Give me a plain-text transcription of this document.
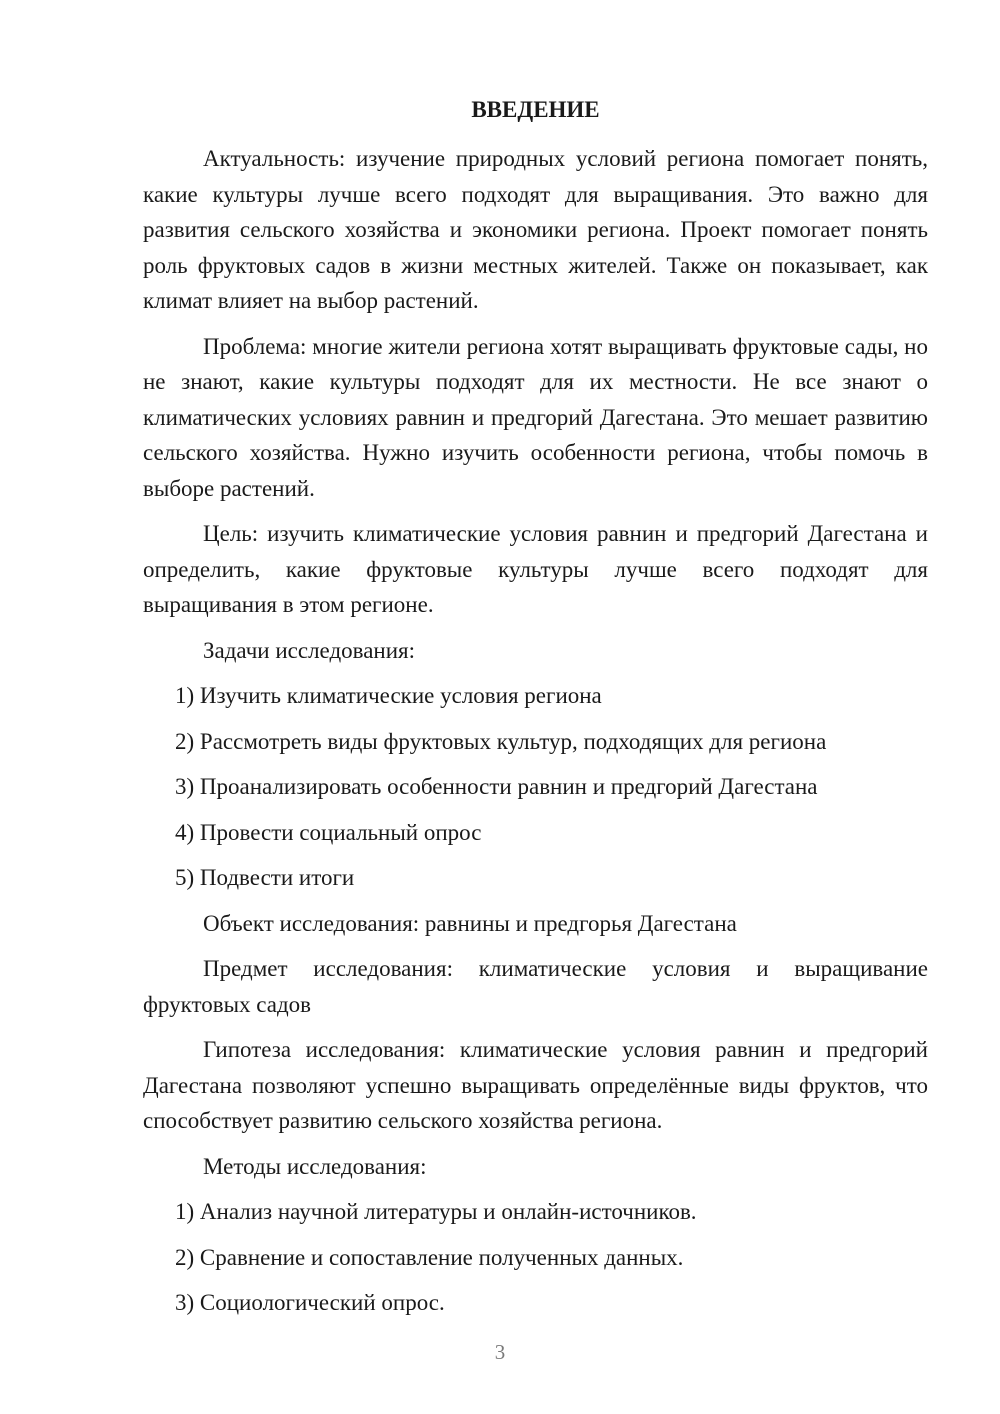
ВВЕДЕНИЕ

Актуальность: изучение природных условий региона помогает понять, какие культуры лучше всего подходят для выращивания. Это важно для развития сельского хозяйства и экономики региона. Проект помогает понять роль фруктовых садов в жизни местных жителей. Также он показывает, как климат влияет на выбор растений.

Проблема: многие жители региона хотят выращивать фруктовые сады, но не знают, какие культуры подходят для их местности. Не все знают о климатических условиях равнин и предгорий Дагестана. Это мешает развитию сельского хозяйства. Нужно изучить особенности региона, чтобы помочь в выборе растений.

Цель: изучить климатические условия равнин и предгорий Дагестана и определить, какие фруктовые культуры лучше всего подходят для выращивания в этом регионе.

Задачи исследования:

1) Изучить климатические условия региона

2) Рассмотреть виды фруктовых культур, подходящих для региона

3) Проанализировать особенности равнин и предгорий Дагестана

4) Провести социальный опрос

5) Подвести итоги

Объект исследования: равнины и предгорья Дагестана

Предмет исследования: климатические условия и выращивание фруктовых садов

Гипотеза исследования: климатические условия равнин и предгорий Дагестана позволяют успешно выращивать определённые виды фруктов, что способствует развитию сельского хозяйства региона.

Методы исследования:

1) Анализ научной литературы и онлайн-источников.

2) Сравнение и сопоставление полученных данных.

3) Социологический опрос.

3
